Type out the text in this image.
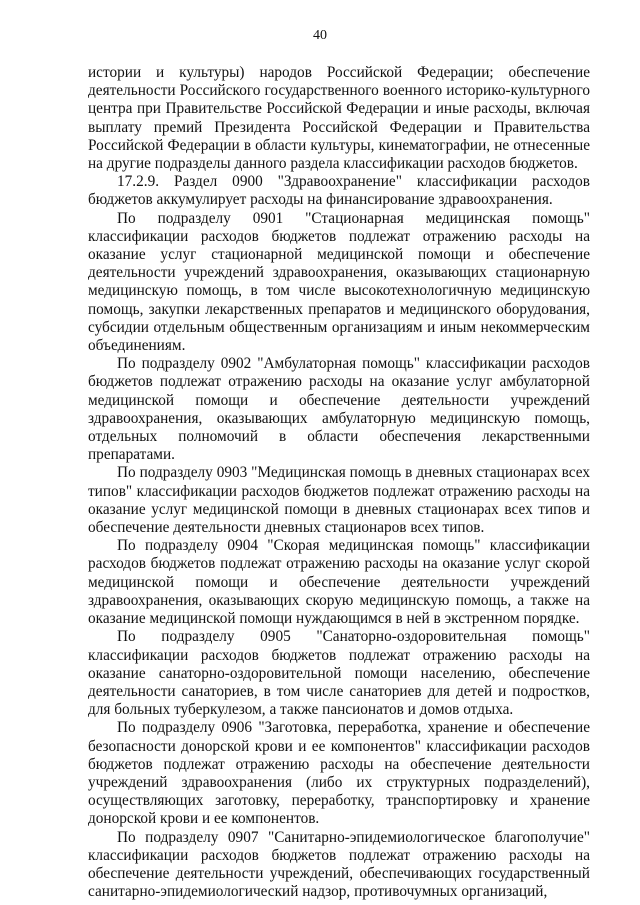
40

истории и культуры) народов Российской Федерации; обеспечение деятельности Российского государственного военного историко-культурного центра при Правительстве Российской Федерации и иные расходы, включая выплату премий Президента Российской Федерации и Правительства Российской Федерации в области культуры, кинематографии, не отнесенные на другие подразделы данного раздела классификации расходов бюджетов.

17.2.9. Раздел 0900 "Здравоохранение" классификации расходов бюджетов аккумулирует расходы на финансирование здравоохранения.

По подразделу 0901 "Стационарная медицинская помощь" классификации расходов бюджетов подлежат отражению расходы на оказание услуг стационарной медицинской помощи и обеспечение деятельности учреждений здравоохранения, оказывающих стационарную медицинскую помощь, в том числе высокотехнологичную медицинскую помощь, закупки лекарственных препаратов и медицинского оборудования, субсидии отдельным общественным организациям и иным некоммерческим объединениям.

По подразделу 0902 "Амбулаторная помощь" классификации расходов бюджетов подлежат отражению расходы на оказание услуг амбулаторной медицинской помощи и обеспечение деятельности учреждений здравоохранения, оказывающих амбулаторную медицинскую помощь, отдельных полномочий в области обеспечения лекарственными препаратами.

По подразделу 0903 "Медицинская помощь в дневных стационарах всех типов" классификации расходов бюджетов подлежат отражению расходы на оказание услуг медицинской помощи в дневных стационарах всех типов и обеспечение деятельности дневных стационаров всех типов.

По подразделу 0904 "Скорая медицинская помощь" классификации расходов бюджетов подлежат отражению расходы на оказание услуг скорой медицинской помощи и обеспечение деятельности учреждений здравоохранения, оказывающих скорую медицинскую помощь, а также на оказание медицинской помощи нуждающимся в ней в экстренном порядке.

По подразделу 0905 "Санаторно-оздоровительная помощь" классификации расходов бюджетов подлежат отражению расходы на оказание санаторно-оздоровительной помощи населению, обеспечение деятельности санаториев, в том числе санаториев для детей и подростков, для больных туберкулезом, а также пансионатов и домов отдыха.

По подразделу 0906 "Заготовка, переработка, хранение и обеспечение безопасности донорской крови и ее компонентов" классификации расходов бюджетов подлежат отражению расходы на обеспечение деятельности учреждений здравоохранения (либо их структурных подразделений), осуществляющих заготовку, переработку, транспортировку и хранение донорской крови и ее компонентов.

По подразделу 0907 "Санитарно-эпидемиологическое благополучие" классификации расходов бюджетов подлежат отражению расходы на обеспечение деятельности учреждений, обеспечивающих государственный санитарно-эпидемиологический надзор, противочумных организаций,
